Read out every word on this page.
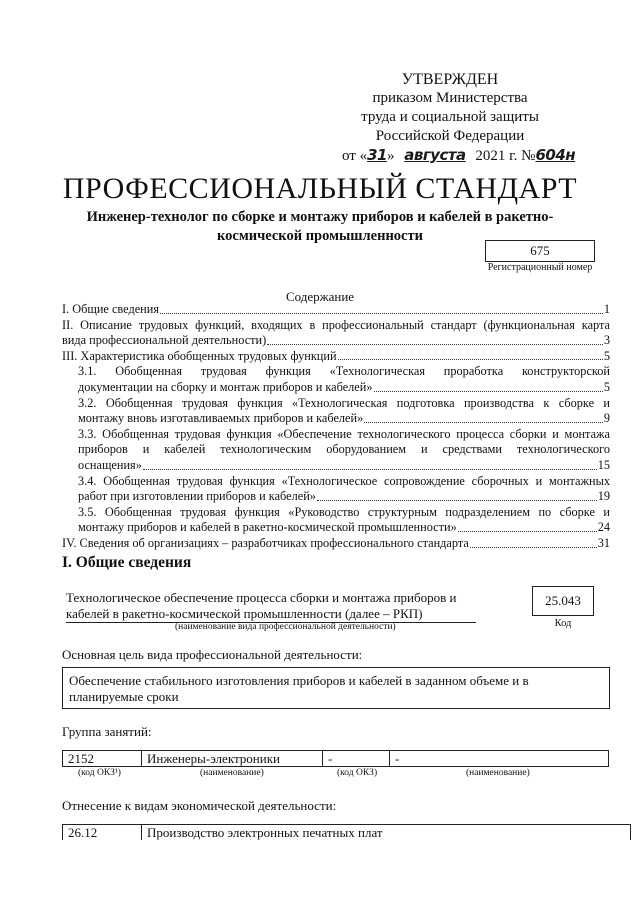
УТВЕРЖДЕН
приказом Министерства
труда и социальной защиты
Российской Федерации
от «31» августа 2021 г. №604н
ПРОФЕССИОНАЛЬНЫЙ СТАНДАРТ
Инженер-технолог по сборке и монтажу приборов и кабелей в ракетно-космической промышленности
675
Регистрационный номер
Содержание
I. Общие сведения	1
II. Описание трудовых функций, входящих в профессиональный стандарт (функциональная карта
вида профессиональной деятельности)	3
III. Характеристика обобщенных трудовых функций	5
3.1. Обобщенная трудовая функция «Технологическая проработка конструкторской
документации на сборку и монтаж приборов и кабелей»	5
3.2. Обобщенная трудовая функция «Технологическая подготовка производства к сборке и
монтажу вновь изготавливаемых приборов и кабелей»	9
3.3. Обобщенная трудовая функция «Обеспечение технологического процесса сборки и монтажа
приборов и кабелей технологическим оборудованием и средствами технологического
оснащения»	15
3.4. Обобщенная трудовая функция «Технологическое сопровождение сборочных и монтажных
работ при изготовлении приборов и кабелей»	19
3.5. Обобщенная трудовая функция «Руководство структурным подразделением по сборке и
монтажу приборов и кабелей в ракетно-космической промышленности»	24
IV. Сведения об организациях – разработчиках профессионального стандарта	31
I. Общие сведения
Технологическое обеспечение процесса сборки и монтажа приборов и
кабелей в ракетно-космической промышленности (далее – РКП)
(наименование вида профессиональной деятельности)
25.043
Код
Основная цель вида профессиональной деятельности:
Обеспечение стабильного изготовления приборов и кабелей в заданном объеме и в планируемые сроки
Группа занятий:
2152	Инженеры-электроники	-	-
(код ОКЗ¹)	(наименование)	(код ОКЗ)	(наименование)
Отнесение к видам экономической деятельности:
26.12	Производство электронных печатных плат
